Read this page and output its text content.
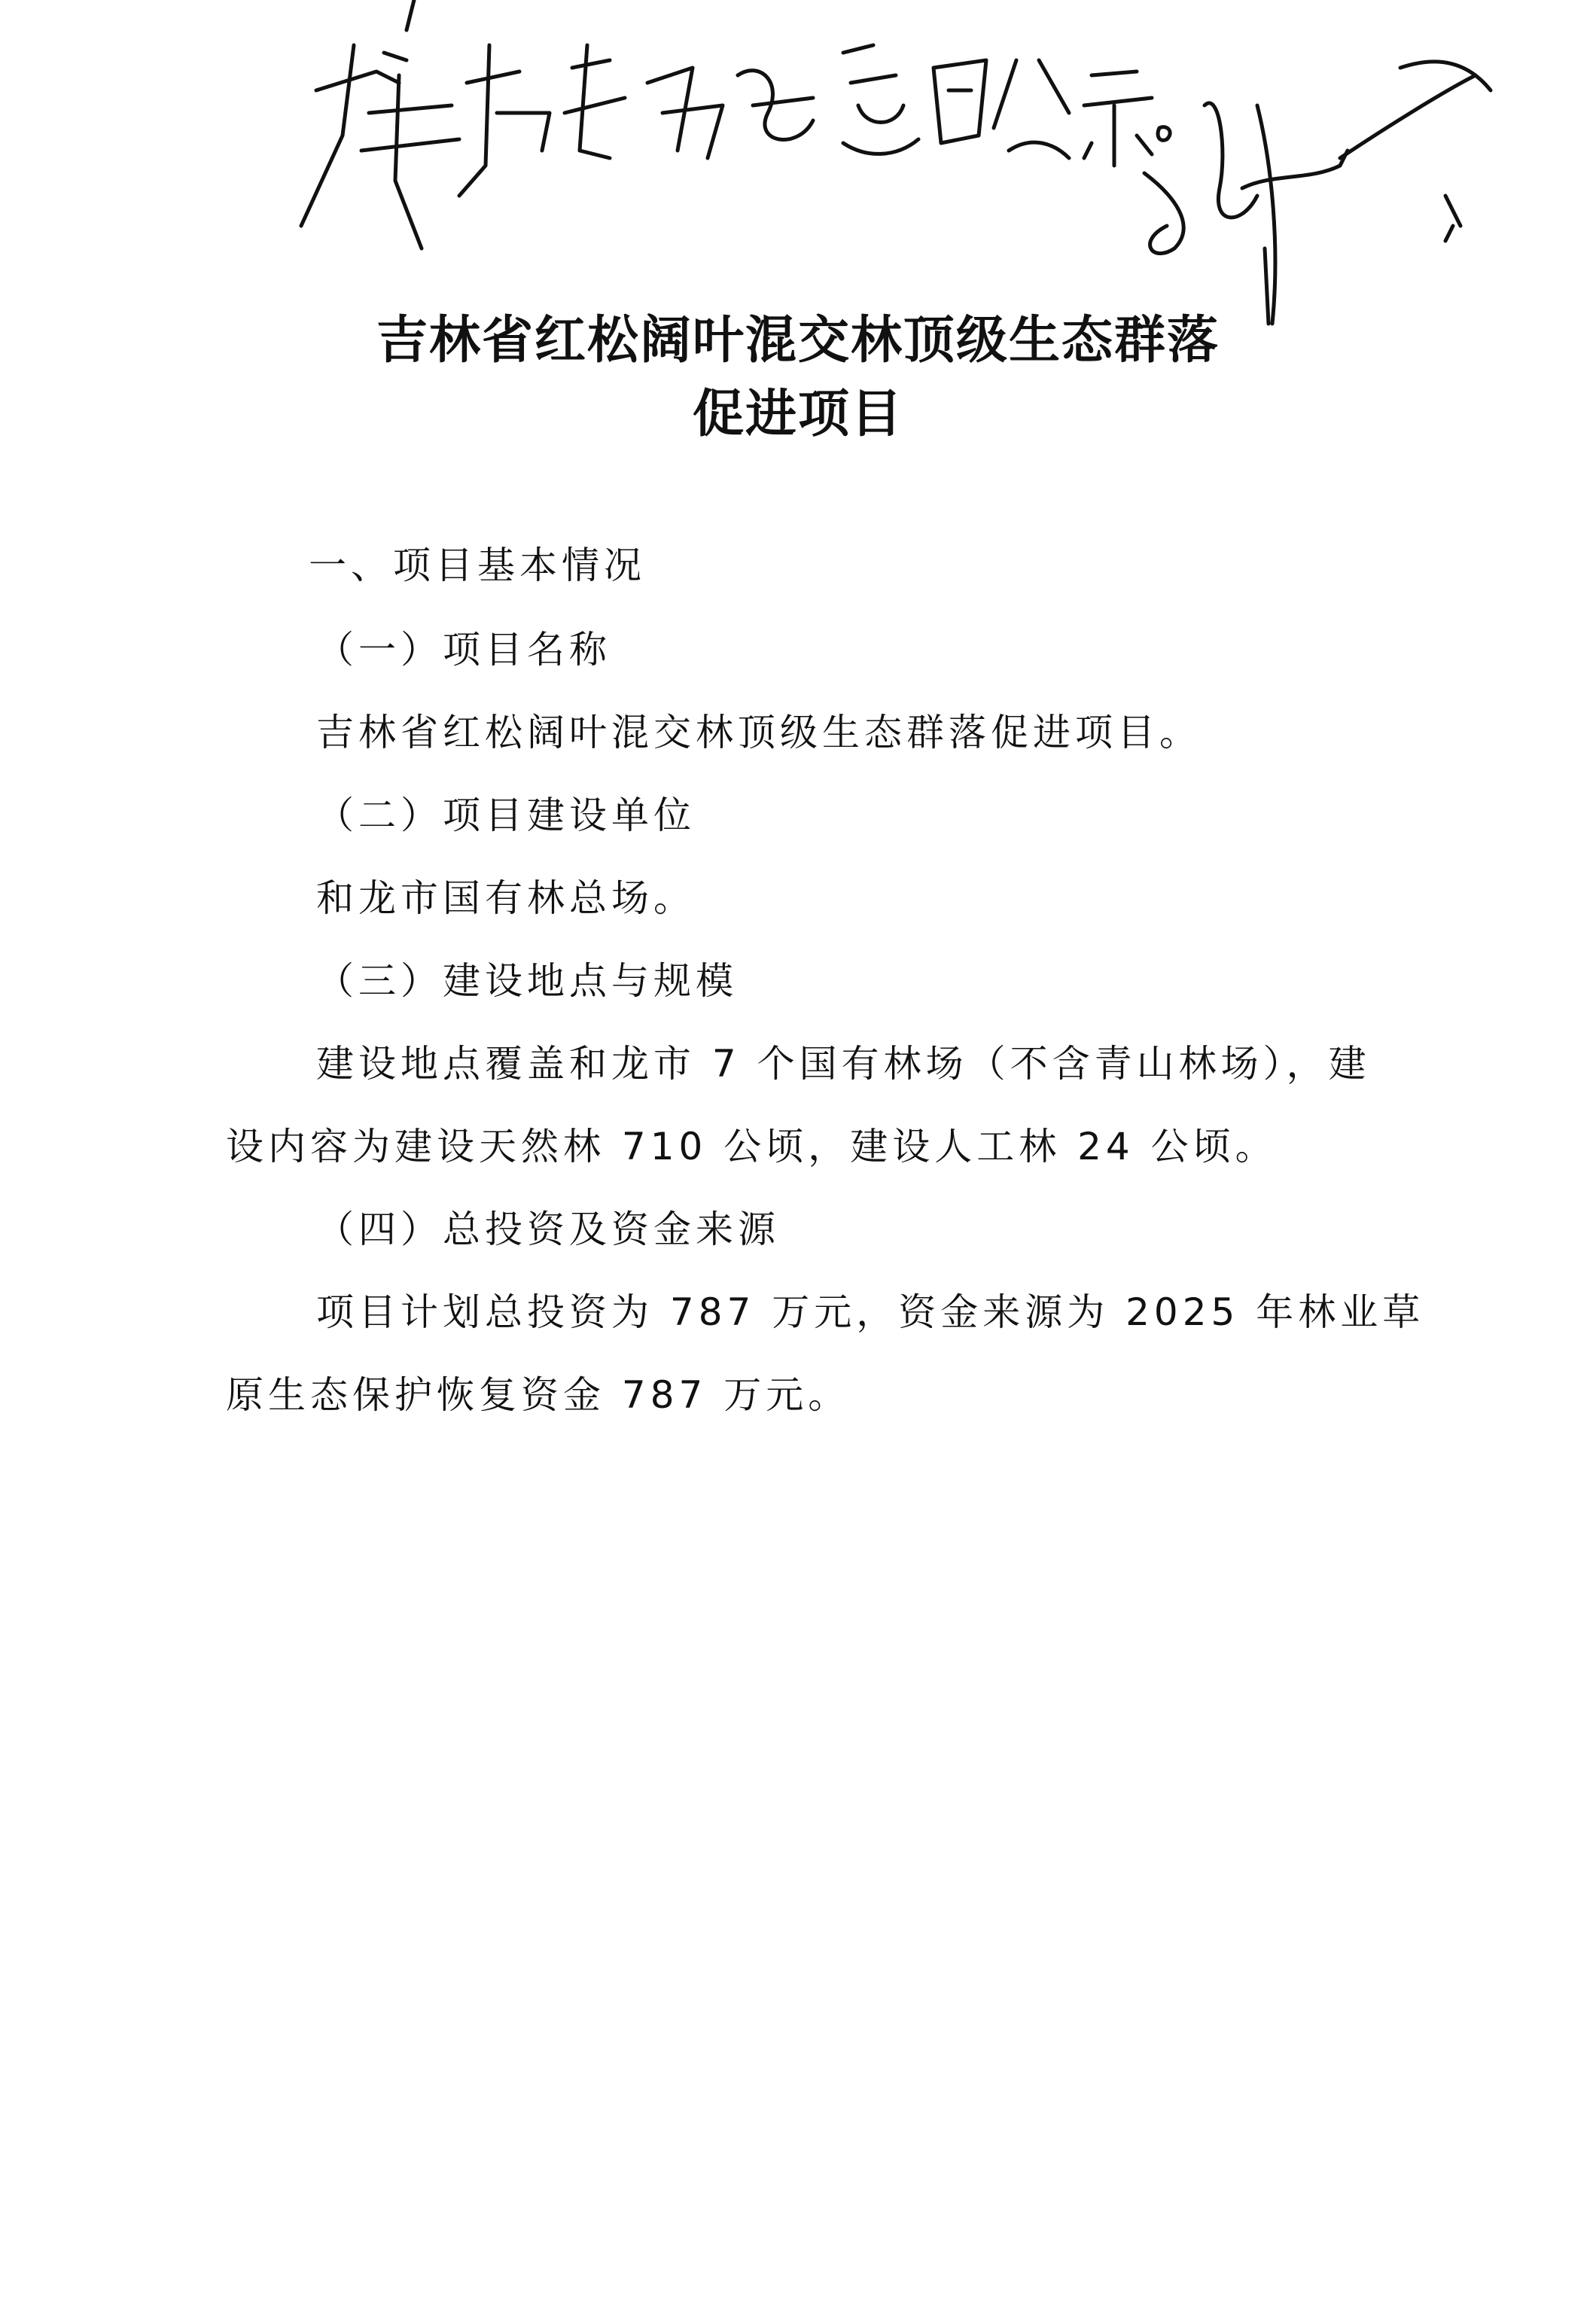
吉林省红松阔叶混交林顶级生态群落
促进项目
一、项目基本情况
（一）项目名称
吉林省红松阔叶混交林顶级生态群落促进项目。
（二）项目建设单位
和龙市国有林总场。
（三）建设地点与规模
建设地点覆盖和龙市 7 个国有林场（不含青山林场），建
设内容为建设天然林 710 公顷，建设人工林 24 公顷。
（四）总投资及资金来源
项目计划总投资为 787 万元，资金来源为 2025 年林业草
原生态保护恢复资金 787 万元。
